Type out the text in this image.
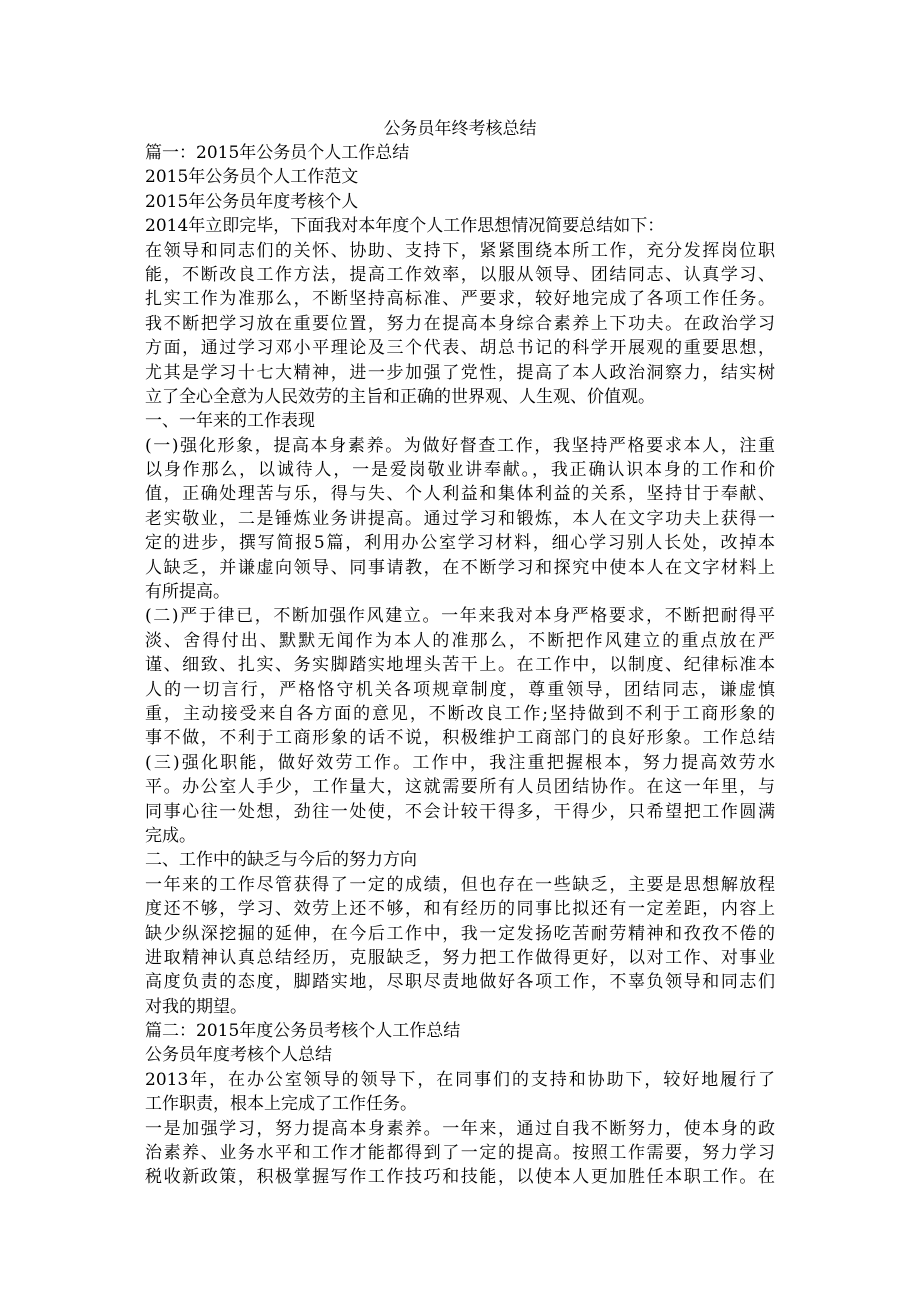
公务员年终考核总结
篇一：2015年公务员个人工作总结
2015年公务员个人工作范文
2015年公务员年度考核个人
2014年立即完毕，下面我对本年度个人工作思想情况简要总结如下：
在领导和同志们的关怀、协助、支持下，紧紧围绕本所工作，充分发挥岗位职
能，不断改良工作方法，提高工作效率，以服从领导、团结同志、认真学习、
扎实工作为准那么，不断坚持高标准、严要求，较好地完成了各项工作任务。
我不断把学习放在重要位置，努力在提高本身综合素养上下功夫。在政治学习
方面，通过学习邓小平理论及三个代表、胡总书记的科学开展观的重要思想，
尤其是学习十七大精神，进一步加强了党性，提高了本人政治洞察力，结实树
立了全心全意为人民效劳的主旨和正确的世界观、人生观、价值观。
一、一年来的工作表现
(一)强化形象，提高本身素养。为做好督查工作，我坚持严格要求本人，注重
以身作那么，以诚待人，一是爱岗敬业讲奉献。，我正确认识本身的工作和价
值，正确处理苦与乐，得与失、个人利益和集体利益的关系，坚持甘于奉献、
老实敬业，二是锤炼业务讲提高。通过学习和锻炼，本人在文字功夫上获得一
定的进步，撰写简报5篇，利用办公室学习材料，细心学习别人长处，改掉本
人缺乏，并谦虚向领导、同事请教，在不断学习和探究中使本人在文字材料上
有所提高。
(二)严于律已，不断加强作风建立。一年来我对本身严格要求，不断把耐得平
淡、舍得付出、默默无闻作为本人的准那么，不断把作风建立的重点放在严
谨、细致、扎实、务实脚踏实地埋头苦干上。在工作中，以制度、纪律标准本
人的一切言行，严格恪守机关各项规章制度，尊重领导，团结同志，谦虚慎
重，主动接受来自各方面的意见，不断改良工作;坚持做到不利于工商形象的
事不做，不利于工商形象的话不说，积极维护工商部门的良好形象。工作总结
(三)强化职能，做好效劳工作。工作中，我注重把握根本，努力提高效劳水
平。办公室人手少，工作量大，这就需要所有人员团结协作。在这一年里，与
同事心往一处想，劲往一处使，不会计较干得多，干得少，只希望把工作圆满
完成。
二、工作中的缺乏与今后的努力方向
一年来的工作尽管获得了一定的成绩，但也存在一些缺乏，主要是思想解放程
度还不够，学习、效劳上还不够，和有经历的同事比拟还有一定差距，内容上
缺少纵深挖掘的延伸，在今后工作中，我一定发扬吃苦耐劳精神和孜孜不倦的
进取精神认真总结经历，克服缺乏，努力把工作做得更好，以对工作、对事业
高度负责的态度，脚踏实地，尽职尽责地做好各项工作，不辜负领导和同志们
对我的期望。
篇二：2015年度公务员考核个人工作总结
公务员年度考核个人总结
2013年，在办公室领导的领导下，在同事们的支持和协助下，较好地履行了
工作职责，根本上完成了工作任务。
一是加强学习，努力提高本身素养。一年来，通过自我不断努力，使本身的政
治素养、业务水平和工作才能都得到了一定的提高。按照工作需要，努力学习
税收新政策，积极掌握写作工作技巧和技能，以使本人更加胜任本职工作。在
